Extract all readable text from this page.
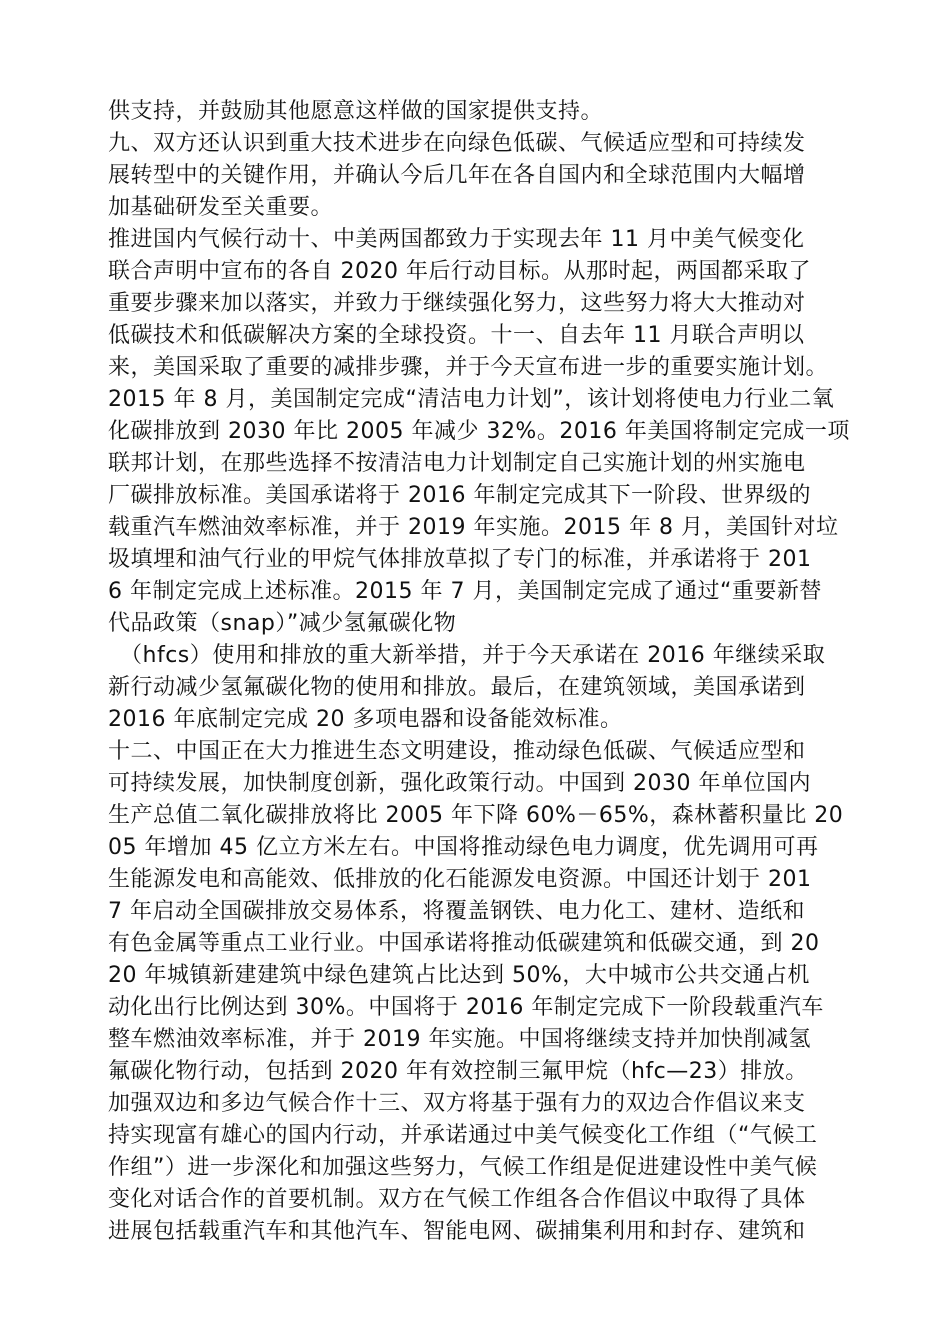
供支持，并鼓励其他愿意这样做的国家提供支持。
九、双方还认识到重大技术进步在向绿色低碳、气候适应型和可持续发
展转型中的关键作用，并确认今后几年在各自国内和全球范围内大幅增
加基础研发至关重要。
推进国内气候行动十、中美两国都致力于实现去年 11 月中美气候变化
联合声明中宣布的各自 2020 年后行动目标。从那时起，两国都采取了
重要步骤来加以落实，并致力于继续强化努力，这些努力将大大推动对
低碳技术和低碳解决方案的全球投资。十一、自去年 11 月联合声明以
来，美国采取了重要的减排步骤，并于今天宣布进一步的重要实施计划。
2015 年 8 月，美国制定完成“清洁电力计划”，该计划将使电力行业二氧
化碳排放到 2030 年比 2005 年减少 32%。2016 年美国将制定完成一项
联邦计划，在那些选择不按清洁电力计划制定自己实施计划的州实施电
厂碳排放标准。美国承诺将于 2016 年制定完成其下一阶段、世界级的
载重汽车燃油效率标准，并于 2019 年实施。2015 年 8 月，美国针对垃
圾填埋和油气行业的甲烷气体排放草拟了专门的标准，并承诺将于 201
6 年制定完成上述标准。2015 年 7 月，美国制定完成了通过“重要新替
代品政策（snap）”减少氢氟碳化物
（hfcs）使用和排放的重大新举措，并于今天承诺在 2016 年继续采取
新行动减少氢氟碳化物的使用和排放。最后，在建筑领域，美国承诺到
2016 年底制定完成 20 多项电器和设备能效标准。
十二、中国正在大力推进生态文明建设，推动绿色低碳、气候适应型和
可持续发展，加快制度创新，强化政策行动。中国到 2030 年单位国内
生产总值二氧化碳排放将比 2005 年下降 60%－65%，森林蓄积量比 20
05 年增加 45 亿立方米左右。中国将推动绿色电力调度，优先调用可再
生能源发电和高能效、低排放的化石能源发电资源。中国还计划于 201
7 年启动全国碳排放交易体系，将覆盖钢铁、电力化工、建材、造纸和
有色金属等重点工业行业。中国承诺将推动低碳建筑和低碳交通，到 20
20 年城镇新建建筑中绿色建筑占比达到 50%，大中城市公共交通占机
动化出行比例达到 30%。中国将于 2016 年制定完成下一阶段载重汽车
整车燃油效率标准，并于 2019 年实施。中国将继续支持并加快削减氢
氟碳化物行动，包括到 2020 年有效控制三氟甲烷（hfc—23）排放。
加强双边和多边气候合作十三、双方将基于强有力的双边合作倡议来支
持实现富有雄心的国内行动，并承诺通过中美气候变化工作组（“气候工
作组”）进一步深化和加强这些努力，气候工作组是促进建设性中美气候
变化对话合作的首要机制。双方在气候工作组各合作倡议中取得了具体
进展包括载重汽车和其他汽车、智能电网、碳捕集利用和封存、建筑和
